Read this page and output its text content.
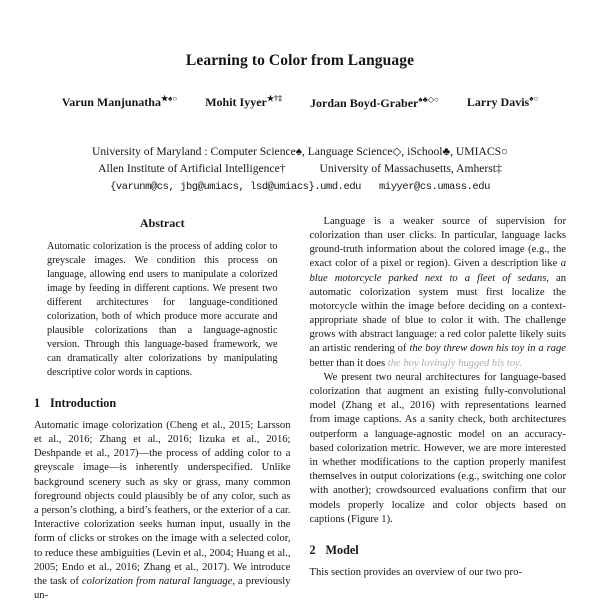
Learning to Color from Language
Varun Manjunatha★♠○ Mohit Iyyer★†‡ Jordan Boyd-Graber♠♣◇○ Larry Davis♠○
University of Maryland : Computer Science♠, Language Science◇, iSchool♣, UMIACS○
Allen Institute of Artificial Intelligence†	University of Massachusetts, Amherst‡
{varunm@cs, jbg@umiacs, lsd@umiacs}.umd.edu miyyer@cs.umass.edu
Abstract
Automatic colorization is the process of adding color to greyscale images. We condition this process on language, allowing end users to manipulate a colorized image by feeding in different captions. We present two different architectures for language-conditioned colorization, both of which produce more accurate and plausible colorizations than a language-agnostic version. Through this language-based framework, we can dramatically alter colorizations by manipulating descriptive color words in captions.
1 Introduction

Automatic image colorization (Cheng et al., 2015; Larsson et al., 2016; Zhang et al., 2016; Iizuka et al., 2016; Deshpande et al., 2017)—the process of adding color to a greyscale image—is inherently underspecified. Unlike background scenery such as sky or grass, many common foreground objects could plausibly be of any color, such as a person’s clothing, a bird’s feathers, or the exterior of a car. Interactive colorization seeks human input, usually in the form of clicks or strokes on the image with a selected color, to reduce these ambiguities (Levin et al., 2004; Huang et al., 2005; Endo et al., 2016; Zhang et al., 2017). We introduce the task of colorization from natural language, a previously un-

Language is a weaker source of supervision for colorization than user clicks. In particular, language lacks ground-truth information about the colored image (e.g., the exact color of a pixel or region). Given a description like a blue motorcycle parked next to a fleet of sedans, an automatic colorization system must first localize the motorcycle within the image before deciding on a context-appropriate shade of blue to color it with. The challenge grows with abstract language: a red color palette likely suits an artistic rendering of the boy threw down his toy in a rage better than it does the boy lovingly hugged his toy.

We present two neural architectures for language-based colorization that augment an existing fully-convolutional model (Zhang et al., 2016) with representations learned from image captions. As a sanity check, both architectures outperform a language-agnostic model on an accuracy-based colorization metric. However, we are more interested in whether modifications to the caption properly manifest themselves in output colorizations (e.g., switching one color with another); crowdsourced evaluations confirm that our models properly localize and color objects based on captions (Figure 1).

2 Model

This section provides an overview of our two pro-
